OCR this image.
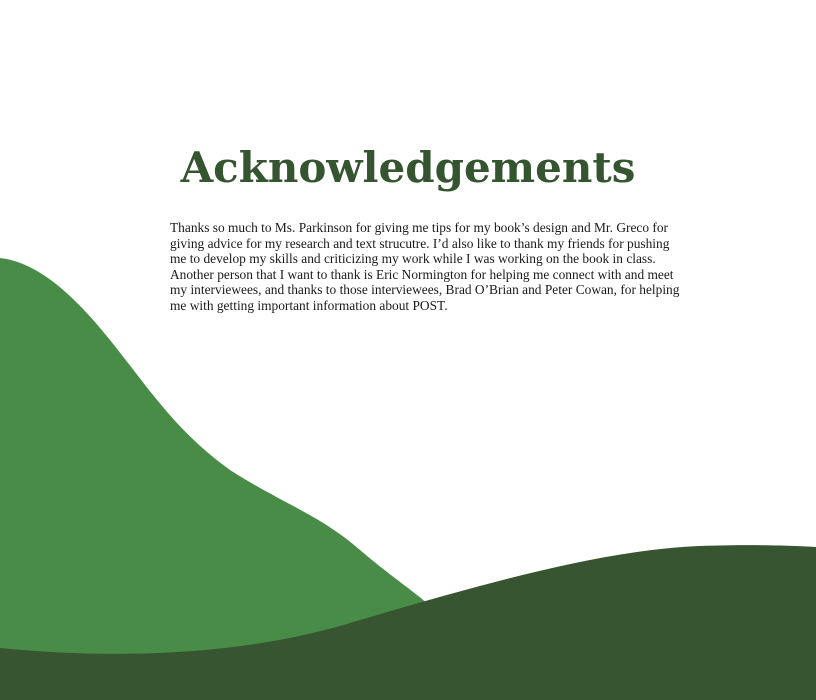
Acknowledgements

Thanks so much to Ms. Parkinson for giving me tips for my book’s design and Mr. Greco for giving advice for my research and text strucutre. I’d also like to thank my friends for pushing me to develop my skills and criticizing my work while I was working on the book in class. Another person that I want to thank is Eric Normington for helping me connect with and meet my interviewees, and thanks to those interviewees, Brad O’Brian and Peter Cowan, for helping me with getting important information about POST.
